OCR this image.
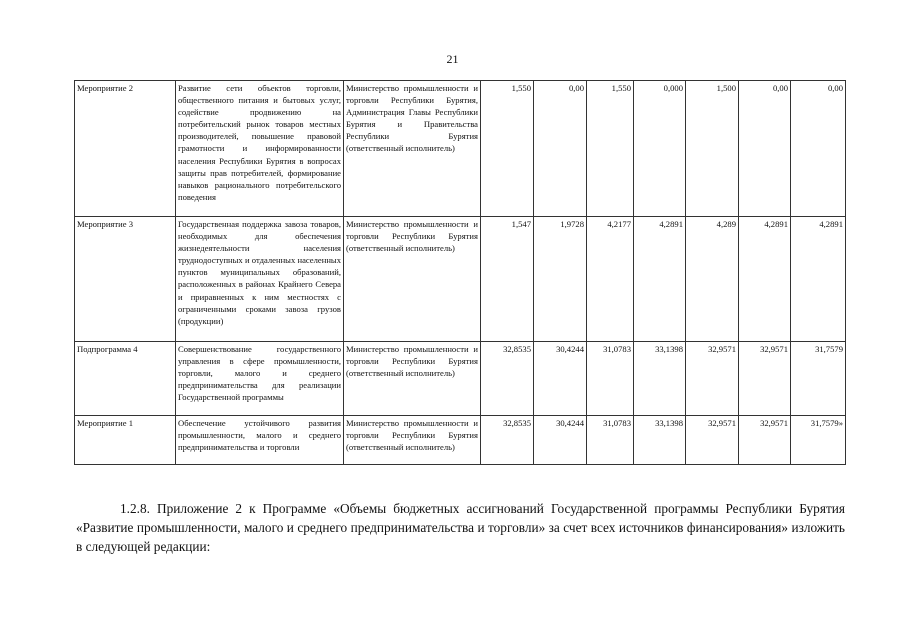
21
Мероприятие 2	Развитие сети объектов торговли, общественного питания и бытовых услуг, содействие продвижению на потребительский рынок товаров местных производителей, повышение правовой грамотности и информированности населения Республики Бурятия в вопросах защиты прав потребителей, формирование навыков рационального потребительского поведения	Министерство промышленности и торговли Республики Бурятия, Администрация Главы Республики Бурятия и Правительства Республики Бурятия (ответственный исполнитель)	1,550	0,00	1,550	0,000	1,500	0,00	0,00
Мероприятие 3	Государственная поддержка завоза товаров, необходимых для обеспечения жизнедеятельности населения труднодоступных и отдаленных населенных пунктов муниципальных образований, расположенных в районах Крайнего Севера и приравненных к ним местностях с ограниченными сроками завоза грузов (продукции)	Министерство промышленности и торговли Республики Бурятия (ответственный исполнитель)	1,547	1,9728	4,2177	4,2891	4,289	4,2891	4,2891
Подпрограмма 4	Совершенствование государственного управления в сфере промышленности, торговли, малого и среднего предпринимательства для реализации Государственной программы	Министерство промышленности и торговли Республики Бурятия (ответственный исполнитель)	32,8535	30,4244	31,0783	33,1398	32,9571	32,9571	31,7579
Мероприятие 1	Обеспечение устойчивого развития промышленности, малого и среднего предпринимательства и торговли	Министерство промышленности и торговли Республики Бурятия (ответственный исполнитель)	32,8535	30,4244	31,0783	33,1398	32,9571	32,9571	31,7579»

1.2.8. Приложение 2 к Программе «Объемы бюджетных ассигнований Государственной программы Республики Бурятия «Развитие промышленности, малого и среднего предпринимательства и торговли» за счет всех источников финансирования» изложить в следующей редакции:
